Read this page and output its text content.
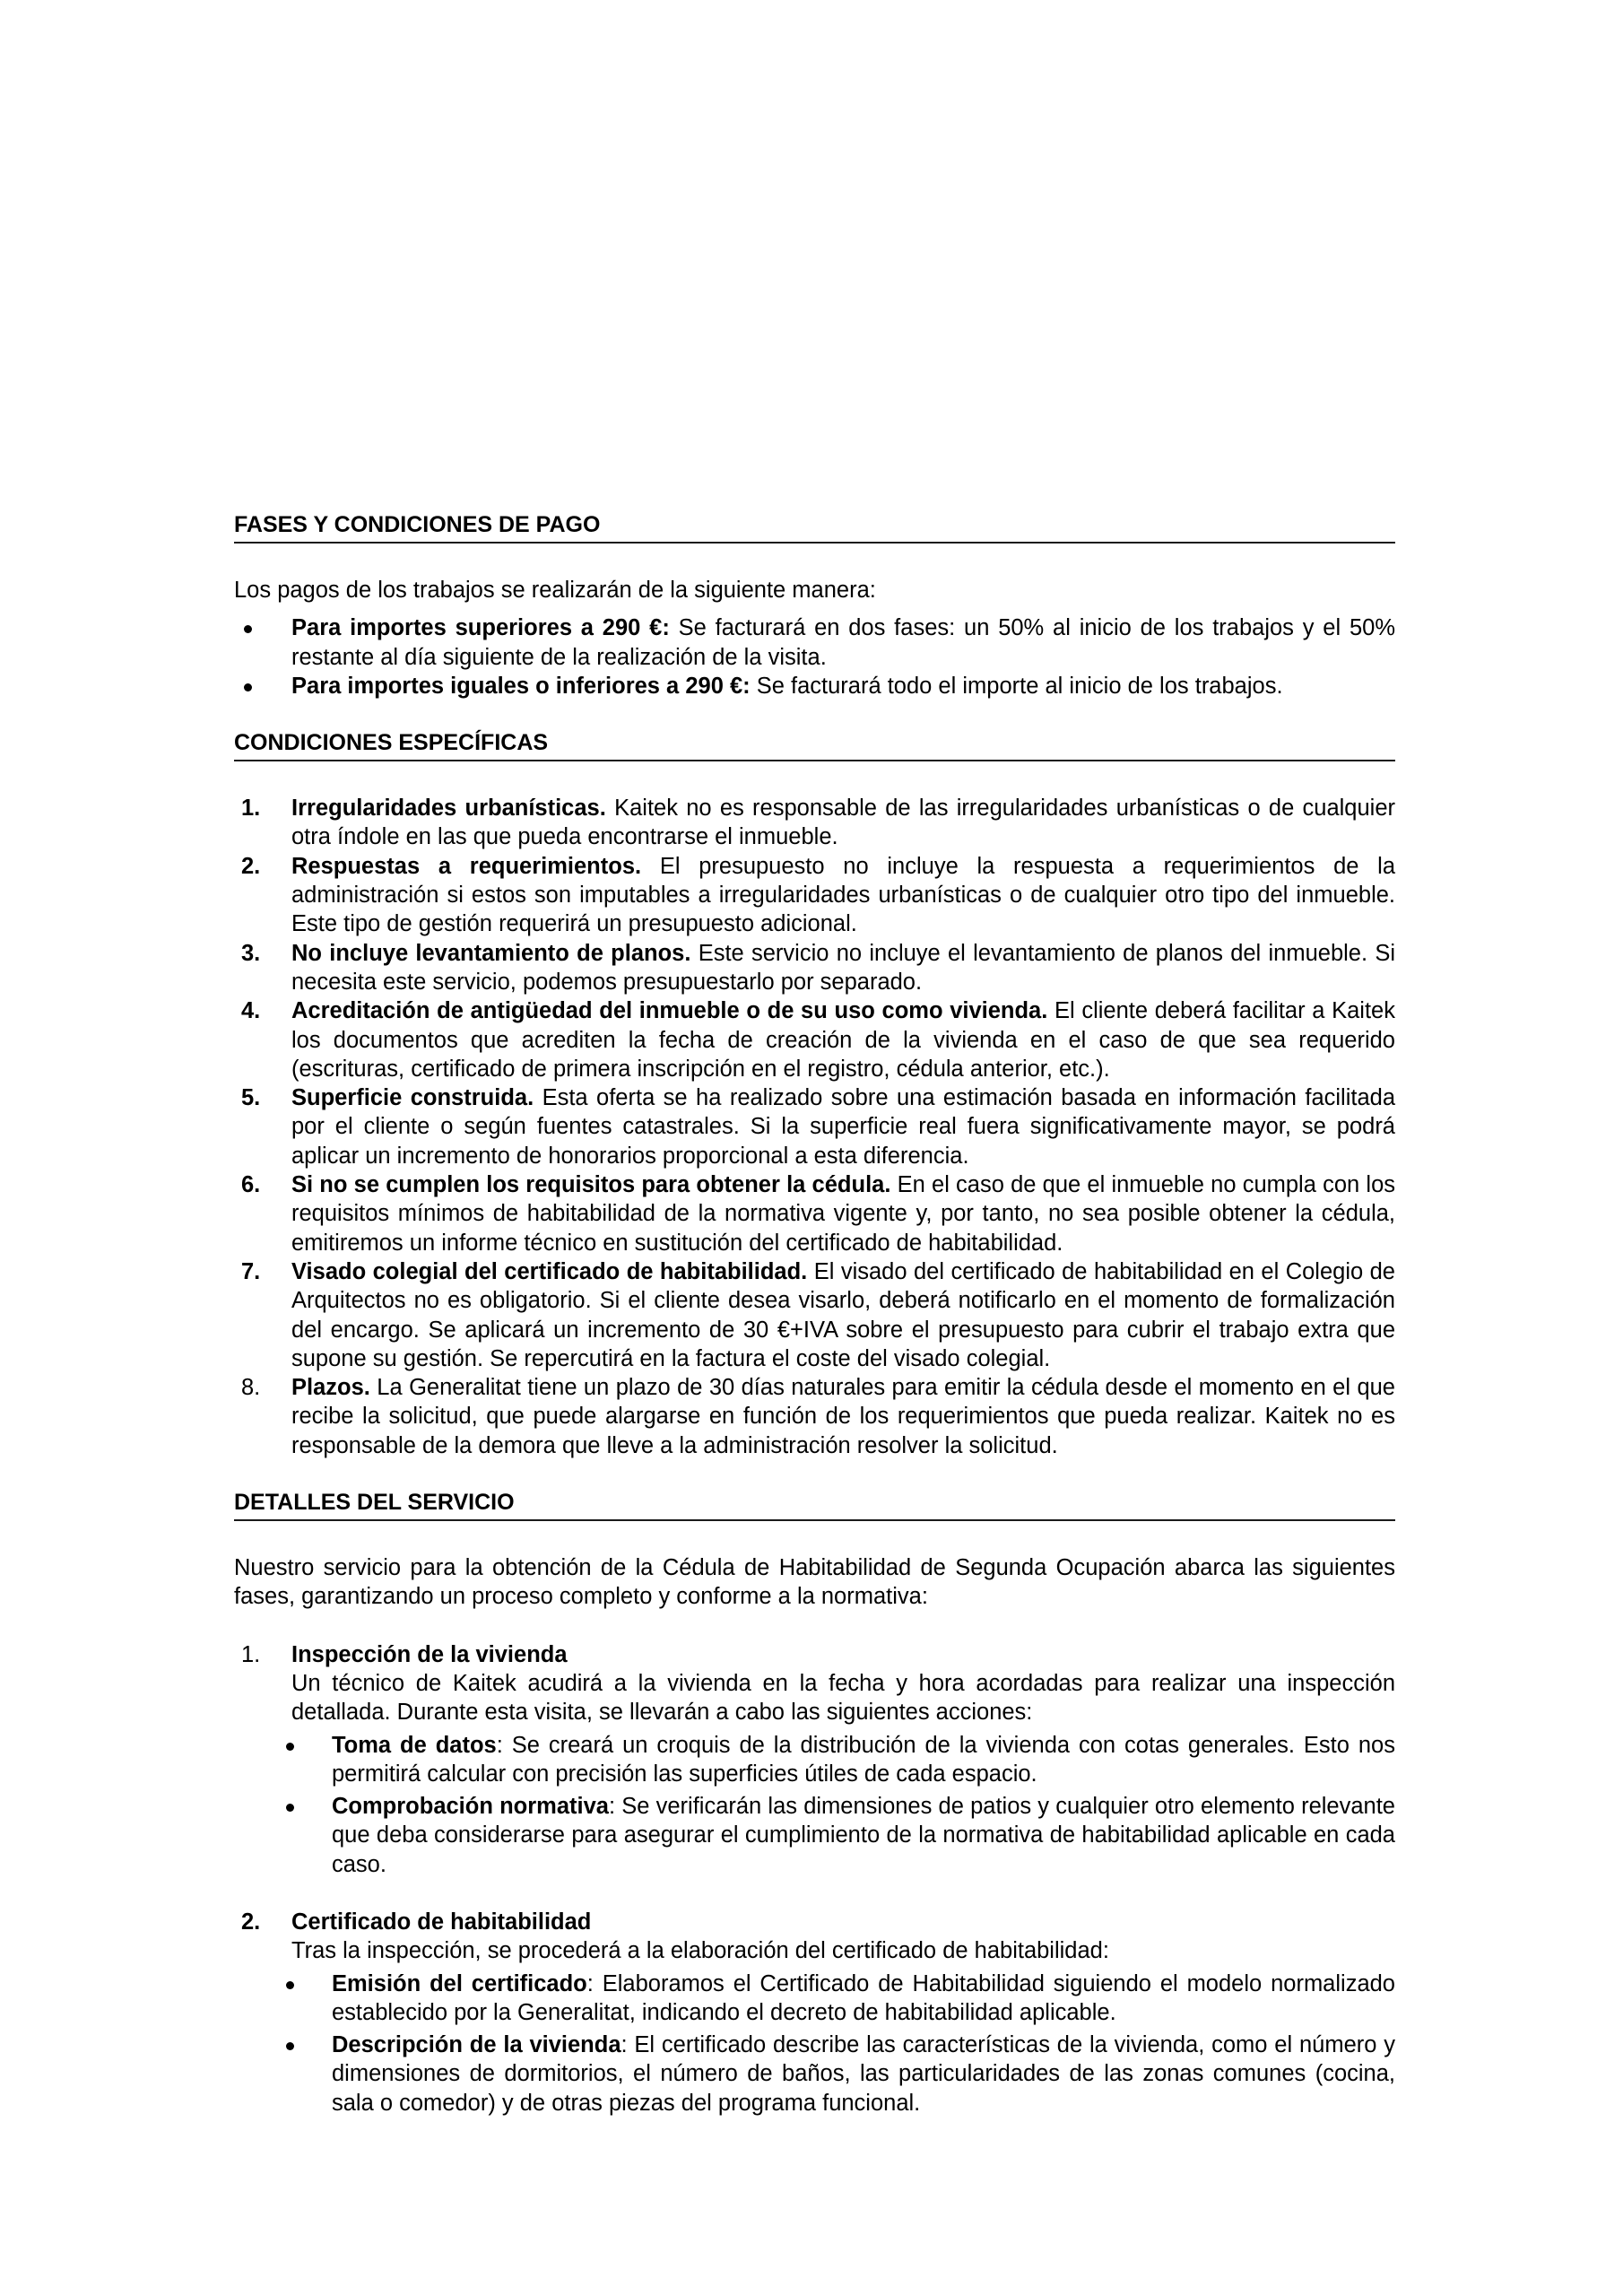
FASES Y CONDICIONES DE PAGO

Los pagos de los trabajos se realizarán de la siguiente manera:

Para importes superiores a 290 €: Se facturará en dos fases: un 50% al inicio de los trabajos y el 50% restante al día siguiente de la realización de la visita.
Para importes iguales o inferiores a 290 €: Se facturará todo el importe al inicio de los trabajos.
CONDICIONES ESPECÍFICAS
1. Irregularidades urbanísticas. Kaitek no es responsable de las irregularidades urbanísticas o de cualquier otra índole en las que pueda encontrarse el inmueble.
2. Respuestas a requerimientos. El presupuesto no incluye la respuesta a requerimientos de la administración si estos son imputables a irregularidades urbanísticas o de cualquier otro tipo del inmueble. Este tipo de gestión requerirá un presupuesto adicional.
3. No incluye levantamiento de planos. Este servicio no incluye el levantamiento de planos del inmueble. Si necesita este servicio, podemos presupuestarlo por separado.
4. Acreditación de antigüedad del inmueble o de su uso como vivienda. El cliente deberá facilitar a Kaitek los documentos que acrediten la fecha de creación de la vivienda en el caso de que sea requerido (escrituras, certificado de primera inscripción en el registro, cédula anterior, etc.).
5. Superficie construida. Esta oferta se ha realizado sobre una estimación basada en información facilitada por el cliente o según fuentes catastrales. Si la superficie real fuera significativamente mayor, se podrá aplicar un incremento de honorarios proporcional a esta diferencia.
6. Si no se cumplen los requisitos para obtener la cédula. En el caso de que el inmueble no cumpla con los requisitos mínimos de habitabilidad de la normativa vigente y, por tanto, no sea posible obtener la cédula, emitiremos un informe técnico en sustitución del certificado de habitabilidad.
7. Visado colegial del certificado de habitabilidad. El visado del certificado de habitabilidad en el Colegio de Arquitectos no es obligatorio. Si el cliente desea visarlo, deberá notificarlo en el momento de formalización del encargo. Se aplicará un incremento de 30 €+IVA sobre el presupuesto para cubrir el trabajo extra que supone su gestión. Se repercutirá en la factura el coste del visado colegial.
8. Plazos. La Generalitat tiene un plazo de 30 días naturales para emitir la cédula desde el momento en el que recibe la solicitud, que puede alargarse en función de los requerimientos que pueda realizar. Kaitek no es responsable de la demora que lleve a la administración resolver la solicitud.
DETALLES DEL SERVICIO

Nuestro servicio para la obtención de la Cédula de Habitabilidad de Segunda Ocupación abarca las siguientes fases, garantizando un proceso completo y conforme a la normativa:

1. Inspección de la vivienda
Un técnico de Kaitek acudirá a la vivienda en la fecha y hora acordadas para realizar una inspección detallada. Durante esta visita, se llevarán a cabo las siguientes acciones:
Toma de datos: Se creará un croquis de la distribución de la vivienda con cotas generales. Esto nos permitirá calcular con precisión las superficies útiles de cada espacio.
Comprobación normativa: Se verificarán las dimensiones de patios y cualquier otro elemento relevante que deba considerarse para asegurar el cumplimiento de la normativa de habitabilidad aplicable en cada caso.
2. Certificado de habitabilidad
Tras la inspección, se procederá a la elaboración del certificado de habitabilidad:
Emisión del certificado: Elaboramos el Certificado de Habitabilidad siguiendo el modelo normalizado establecido por la Generalitat, indicando el decreto de habitabilidad aplicable.
Descripción de la vivienda: El certificado describe las características de la vivienda, como el número y dimensiones de dormitorios, el número de baños, las particularidades de las zonas comunes (cocina, sala o comedor) y de otras piezas del programa funcional.
